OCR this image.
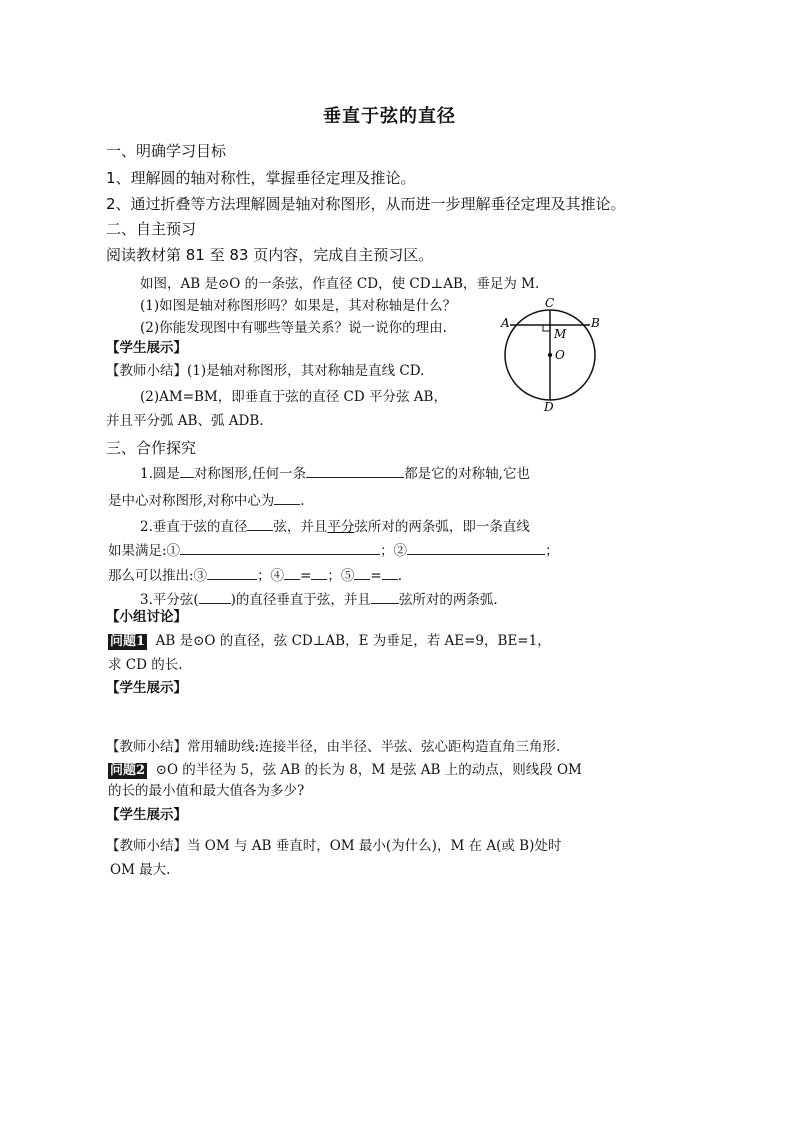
垂直于弦的直径
一、明确学习目标
1、理解圆的轴对称性，掌握垂径定理及推论。
2、通过折叠等方法理解圆是轴对称图形，从而进一步理解垂径定理及其推论。
二、自主预习
阅读教材第 81 至 83 页内容，完成自主预习区。
如图，AB 是⊙O 的一条弦，作直径 CD，使 CD⊥AB，垂足为 M.
(1)如图是轴对称图形吗？如果是，其对称轴是什么？
(2)你能发现图中有哪些等量关系？说一说你的理由.
【学生展示】
【教师小结】(1)是轴对称图形，其对称轴是直线 CD.
(2)AM=BM，即垂直于弦的直径 CD 平分弦 AB，
并且平分弧 AB、弧 ADB.
C
A	B
M
O
D
三、合作探究
1.圆是 对称图形,任何一条	都是它的对称轴,它也
是中心对称图形,对称中心为 .
2.垂直于弦的直径 弦，并且平分弦所对的两条弧，即一条直线
如果满足:①	；②	；
那么可以推出:③	；④ = ；⑤ = .
3.平分弦( )的直径垂直于弦，并且 弦所对的两条弧.
【小组讨论】
问题1 AB 是⊙O 的直径，弦 CD⊥AB，E 为垂足，若 AE=9，BE=1，
求 CD 的长.
【学生展示】
【教师小结】常用辅助线:连接半径，由半径、半弦、弦心距构造直角三角形.
问题2 ⊙O 的半径为 5，弦 AB 的长为 8，M 是弦 AB 上的动点，则线段 OM
的长的最小值和最大值各为多少?
【学生展示】
【教师小结】当 OM 与 AB 垂直时，OM 最小(为什么)，M 在 A(或 B)处时
OM 最大.
